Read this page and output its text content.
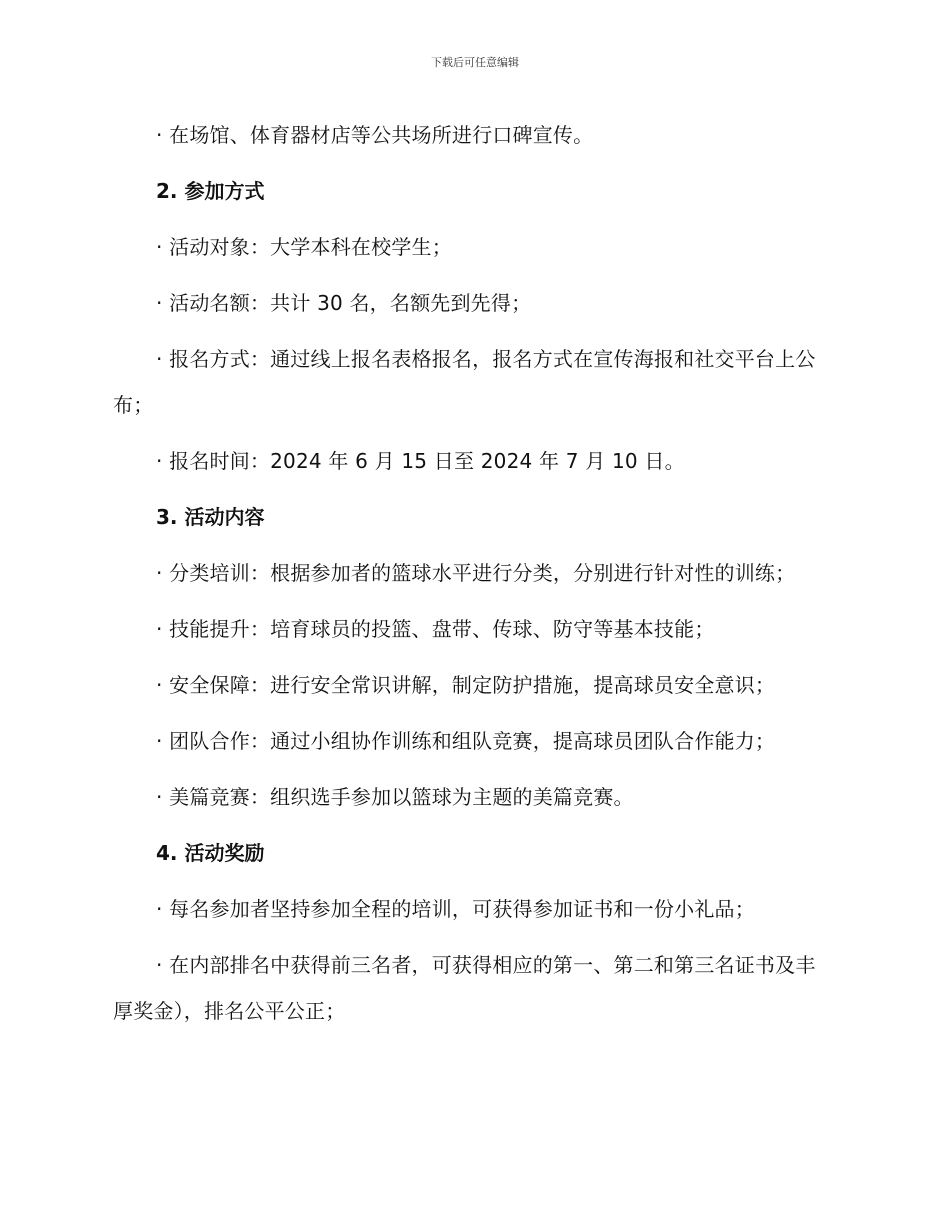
下载后可任意编辑

· 在场馆、体育器材店等公共场所进行口碑宣传。

2. 参加方式

· 活动对象：大学本科在校学生；

· 活动名额：共计 30 名，名额先到先得；

· 报名方式：通过线上报名表格报名，报名方式在宣传海报和社交平台上公布；

· 报名时间：2024 年 6 月 15 日至 2024 年 7 月 10 日。

3. 活动内容

· 分类培训：根据参加者的篮球水平进行分类，分别进行针对性的训练；

· 技能提升：培育球员的投篮、盘带、传球、防守等基本技能；

· 安全保障：进行安全常识讲解，制定防护措施，提高球员安全意识；

· 团队合作：通过小组协作训练和组队竞赛，提高球员团队合作能力；

· 美篇竞赛：组织选手参加以篮球为主题的美篇竞赛。

4. 活动奖励

· 每名参加者坚持参加全程的培训，可获得参加证书和一份小礼品；

· 在内部排名中获得前三名者，可获得相应的第一、第二和第三名证书及丰厚奖金），排名公平公正；
